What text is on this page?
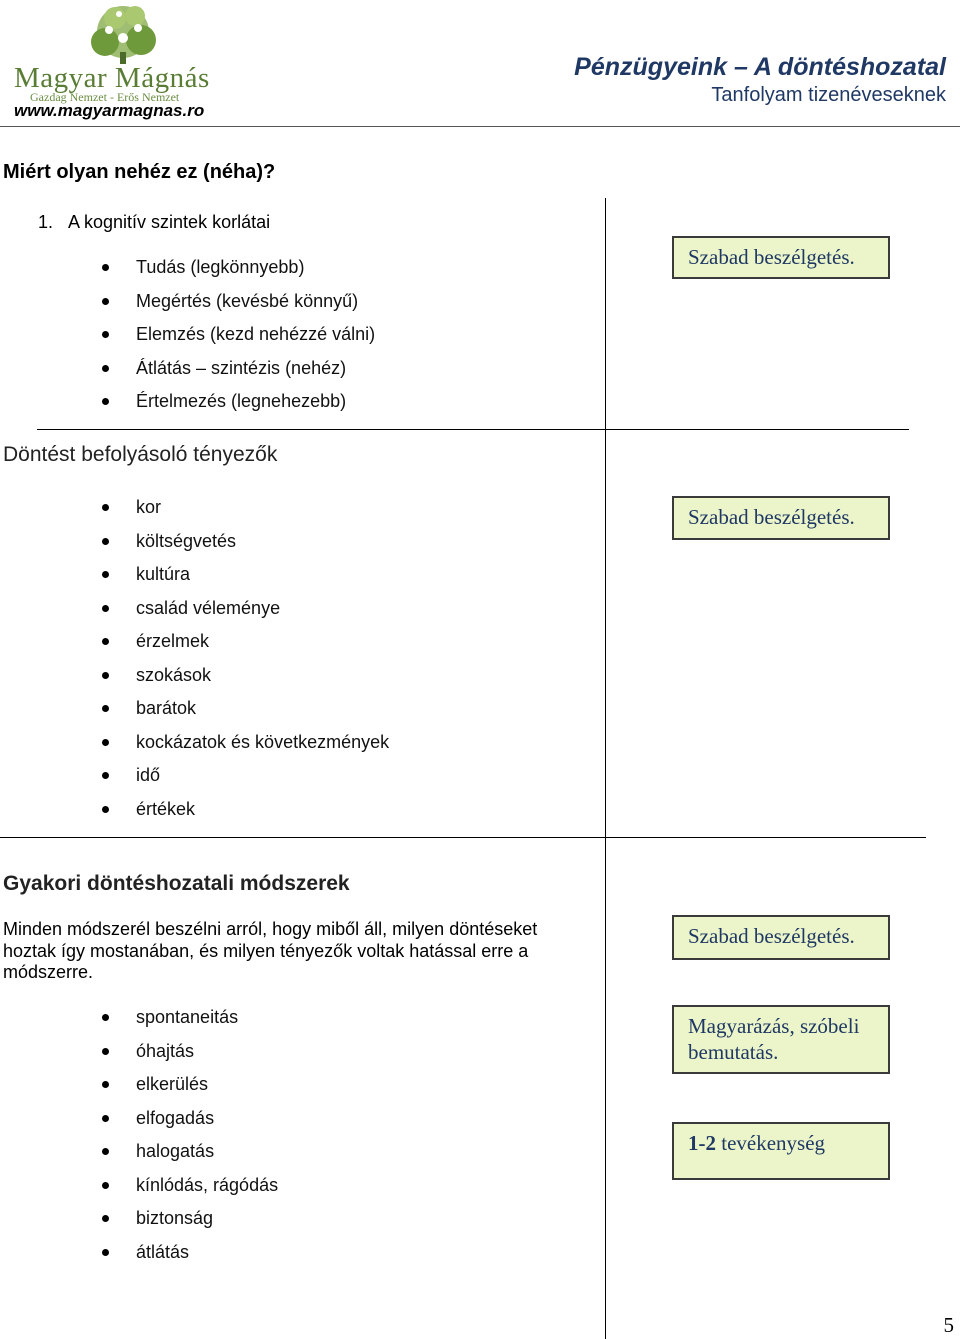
Magyar Mágnás
Gazdag Nemzet - Erős Nemzet
www.magyarmagnas.ro
Pénzügyeink – A döntéshozatal
Tanfolyam tizenéveseknek
Miért olyan nehéz ez (néha)?
1. A kognitív szintek korlátai
Tudás (legkönnyebb)
Megértés (kevésbé könnyű)
Elemzés (kezd nehézzé válni)
Átlátás – szintézis (nehéz)
Értelmezés (legnehezebb)
Szabad beszélgetés.
Döntést befolyásoló tényezők
kor
költségvetés
kultúra
család véleménye
érzelmek
szokások
barátok
kockázatok és következmények
idő
értékek
Szabad beszélgetés.
Gyakori döntéshozatali módszerek
Minden módszerél beszélni arról, hogy miből áll, milyen döntéseket hoztak így mostanában, és milyen tényezők voltak hatással erre a módszerre.
spontaneitás
óhajtás
elkerülés
elfogadás
halogatás
kínlódás, rágódás
biztonság
átlátás
Szabad beszélgetés.
Magyarázás, szóbeli bemutatás.
1-2 tevékenység
5
